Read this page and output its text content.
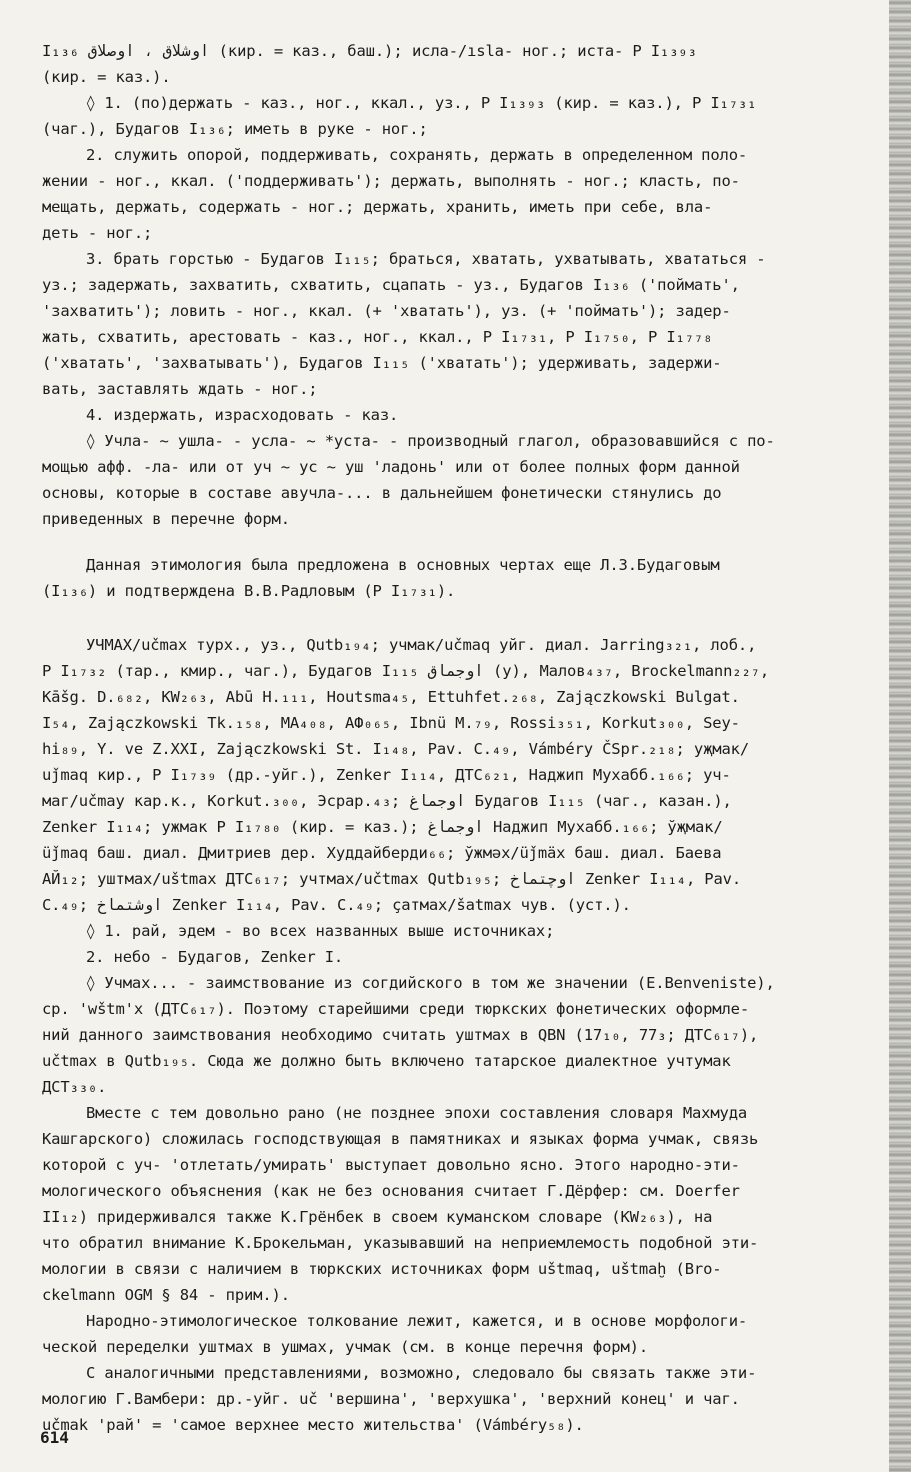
I₁₃₆ اوشلاق ، اوصلاق (кир. = каз., баш.); исла-/ısla- ног.; иста- P I₁₃₉₃
(кир. = каз.).
◊ 1. (по)держать - каз., ног., ккал., уз., Р I₁₃₉₃ (кир. = каз.), Р I₁₇₃₁
(чаг.), Будагов I₁₃₆; иметь в руке - ног.;
2. служить опорой, поддерживать, сохранять, держать в определенном поло-
жении - ног., ккал. ('поддерживать'); держать, выполнять - ног.; класть, по-
мещать, держать, содержать - ног.; держать, хранить, иметь при себе, вла-
деть - ног.;
3. брать горстью - Будагов I₁₁₅; браться, хватать, ухватывать, хвататься -
уз.; задержать, захватить, схватить, сцапать - уз., Будагов I₁₃₆ ('поймать',
'захватить'); ловить - ног., ккал. (+ 'хватать'), уз. (+ 'поймать'); задер-
жать, схватить, арестовать - каз., ног., ккал., Р I₁₇₃₁, Р I₁₇₅₀, Р I₁₇₇₈
('хватать', 'захватывать'), Будагов I₁₁₅ ('хватать'); удерживать, задержи-
вать, заставлять ждать - ног.;
4. издержать, израсходовать - каз.
◊ Учла- ~ ушла- - усла- ~ *уста- - производный глагол, образовавшийся с по-
мощью афф. -ла- или от уч ~ ус ~ уш 'ладонь' или от более полных форм данной
основы, которые в составе авучла-... в дальнейшем фонетически стянулись до
приведенных в перечне форм.
Данная этимология была предложена в основных чертах еще Л.З.Будаговым
(I₁₃₆) и подтверждена В.В.Радловым (Р I₁₇₃₁).
УЧМАХ/učmax турх., уз., Qutb₁₉₄; учмак/učmaq уйг. диал. Jarring₃₂₁, лоб.,
Р I₁₇₃₂ (тар., кмир., чаг.), Будагов I₁₁₅ اوجماق (у), Малов₄₃₇, Brockelmann₂₂₇,
Kāšg. D.₆₈₂, KW₂₆₃, Abū H.₁₁₁, Houtsma₄₅, Ettuhfet.₂₆₈, Zajączkowski Bulgat.
I₅₄, Zajączkowski Tk.₁₅₈, МА₄₀₈, АФ₀₆₅, Ibnü M.₇₉, Rossi₃₅₁, Korkut₃₀₀, Sey-
hi₈₉, Y. ve Z.XXI, Zajączkowski St. I₁₄₈, Pav. C.₄₉, Vámbéry ČSpr.₂₁₈; уҗмак/
uǰmaq кир., Р I₁₇₃₉ (др.-уйг.), Zenker I₁₁₄, ДТС₆₂₁, Наджип Мухабб.₁₆₆; уч-
маг/učmay кар.к., Korkut.₃₀₀, Эсрар.₄₃; اوجماغ Будагов I₁₁₅ (чаг., казан.),
Zenker I₁₁₄; ужмак Р I₁₇₈₀ (кир. = каз.); اوجماغ Наджип Мухабб.₁₆₆; ўҗмак/
üǰmaq баш. диал. Дмитриев дер. Худдайберди₆₆; ўжмәх/üǰmäx баш. диал. Баева
АЙ₁₂; уштмах/uštmax ДТС₆₁₇; учтмах/učtmax Qutb₁₉₅; اوچتماخ Zenker I₁₁₄, Pav.
C.₄₉; اوشتماخ Zenker I₁₁₄, Pav. C.₄₉; ҫатмах/šatmax чув. (уст.).
◊ 1. рай, эдем - во всех названных выше источниках;
2. небо - Будагов, Zenker I.
◊ Учмах... - заимствование из согдийского в том же значении (E.Benveniste),
ср. 'wštm'x (ДТС₆₁₇). Поэтому старейшими среди тюркских фонетических оформле-
ний данного заимствования необходимо считать уштмах в QBN (17₁₀, 77₃; ДТС₆₁₇),
učtmax в Qutb₁₉₅. Сюда же должно быть включено татарское диалектное учтумак
ДСТ₃₃₀.
Вместе с тем довольно рано (не позднее эпохи составления словаря Махмуда
Кашгарского) сложилась господствующая в памятниках и языках форма учмак, связь
которой с уч- 'отлетать/умирать' выступает довольно ясно. Этого народно-эти-
мологического объяснения (как не без основания считает Г.Дёрфер: см. Doerfer
II₁₂) придерживался также К.Грёнбек в своем куманском словаре (KW₂₆₃), на
что обратил внимание К.Брокельман, указывавший на неприемлемость подобной эти-
мологии в связи с наличием в тюркских источниках форм uštmaq, uštmaḫ (Bro-
ckelmann OGM § 84 - прим.).
Народно-этимологическое толкование лежит, кажется, и в основе морфологи-
ческой переделки уштмах в ушмах, учмак (см. в конце перечня форм).
С аналогичными представлениями, возможно, следовало бы связать также эти-
мологию Г.Вамбери: др.-уйг. uč 'вершина', 'верхушка', 'верхний конец' и чаг.
učmak 'рай' = 'самое верхнее место жительства' (Vámbéry₅₈).
614
